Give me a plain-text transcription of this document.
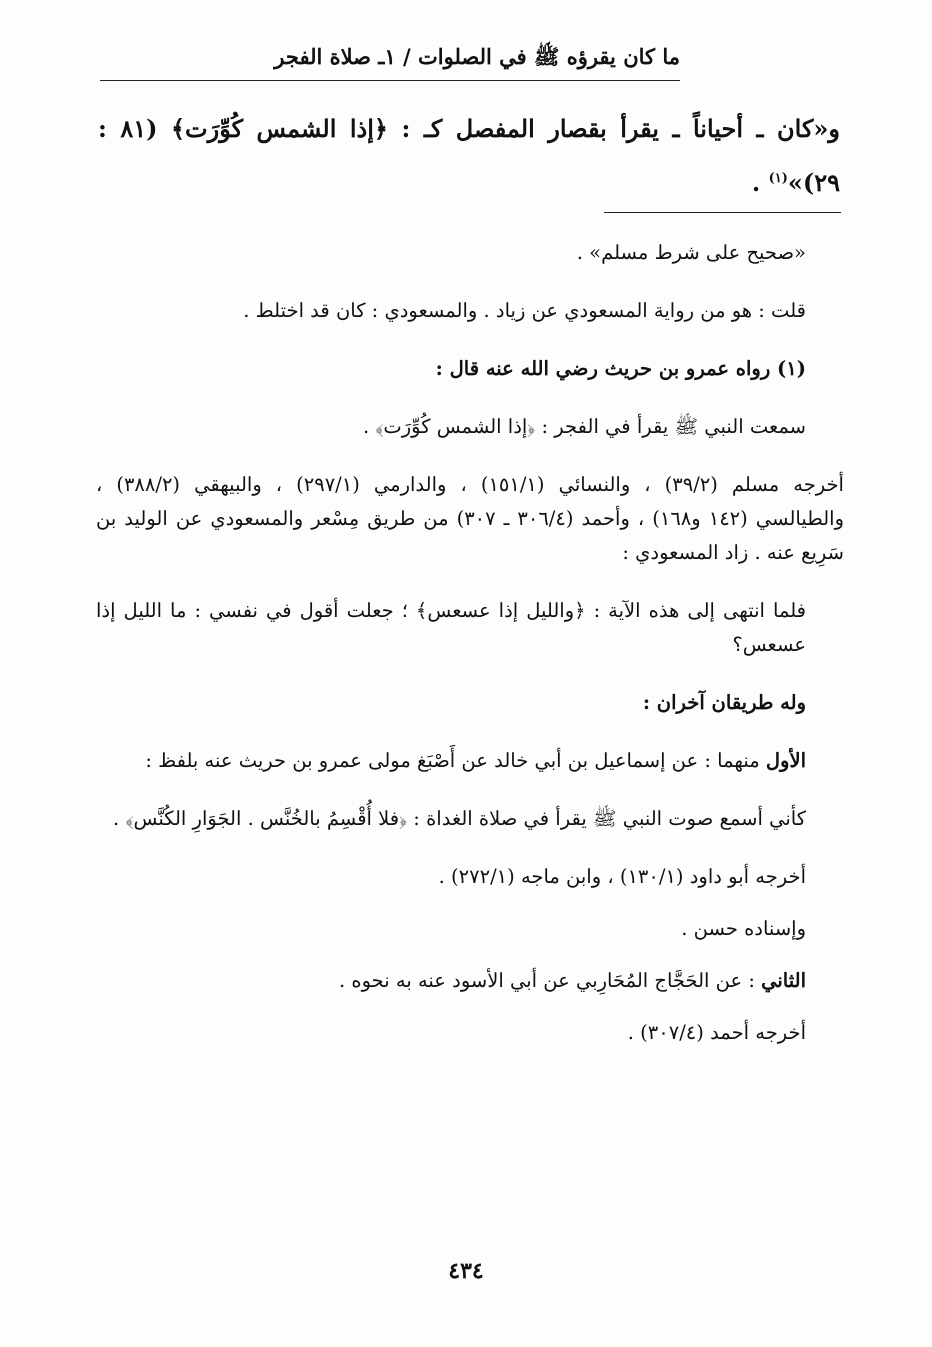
ما كان يقرؤه ﷺ في الصلوات / ١ـ صلاة الفجر
و«كان ـ أحياناً ـ يقرأ بقصار المفصل كـ : ﴿إذا الشمس كُوِّرَت﴾ (٨١ : ٢٩)»$^{(١)}$ .

«صحيح على شرط مسلم» .

قلت : هو من رواية المسعودي عن زياد . والمسعودي : كان قد اختلط .

(١) رواه عمرو بن حريث رضي الله عنه قال :

سمعت النبي ﷺ يقرأ في الفجر : ﴿إذا الشمس كُوِّرَت﴾ .

أخرجه مسلم (٣٩/٢) ، والنسائي (١٥١/١) ، والدارمي (٢٩٧/١) ، والبيهقي (٣٨٨/٢) ، والطيالسي (١٤٢ و١٦٨) ، وأحمد (٣٠٦/٤ ـ ٣٠٧) من طريق مِسْعر والمسعودي عن الوليد بن سَرِيع عنه . زاد المسعودي :

فلما انتهى إلى هذه الآية : ﴿والليل إذا عسعس﴾ ؛ جعلت أقول في نفسي : ما الليل إذا عسعس؟

وله طريقان آخران :

الأول منهما : عن إسماعيل بن أبي خالد عن أَصْبَغ مولى عمرو بن حريث عنه بلفظ :

كأني أسمع صوت النبي ﷺ يقرأ في صلاة الغداة : ﴿فلا أُقْسِمُ بالخُنَّس . الجَوَارِ الكُنَّس﴾ .

أخرجه أبو داود (١٣٠/١) ، وابن ماجه (٢٧٢/١) .

وإسناده حسن .

الثاني : عن الحَجَّاج المُحَارِبي عن أبي الأسود عنه به نحوه .

أخرجه أحمد (٣٠٧/٤) .

٤٣٤
